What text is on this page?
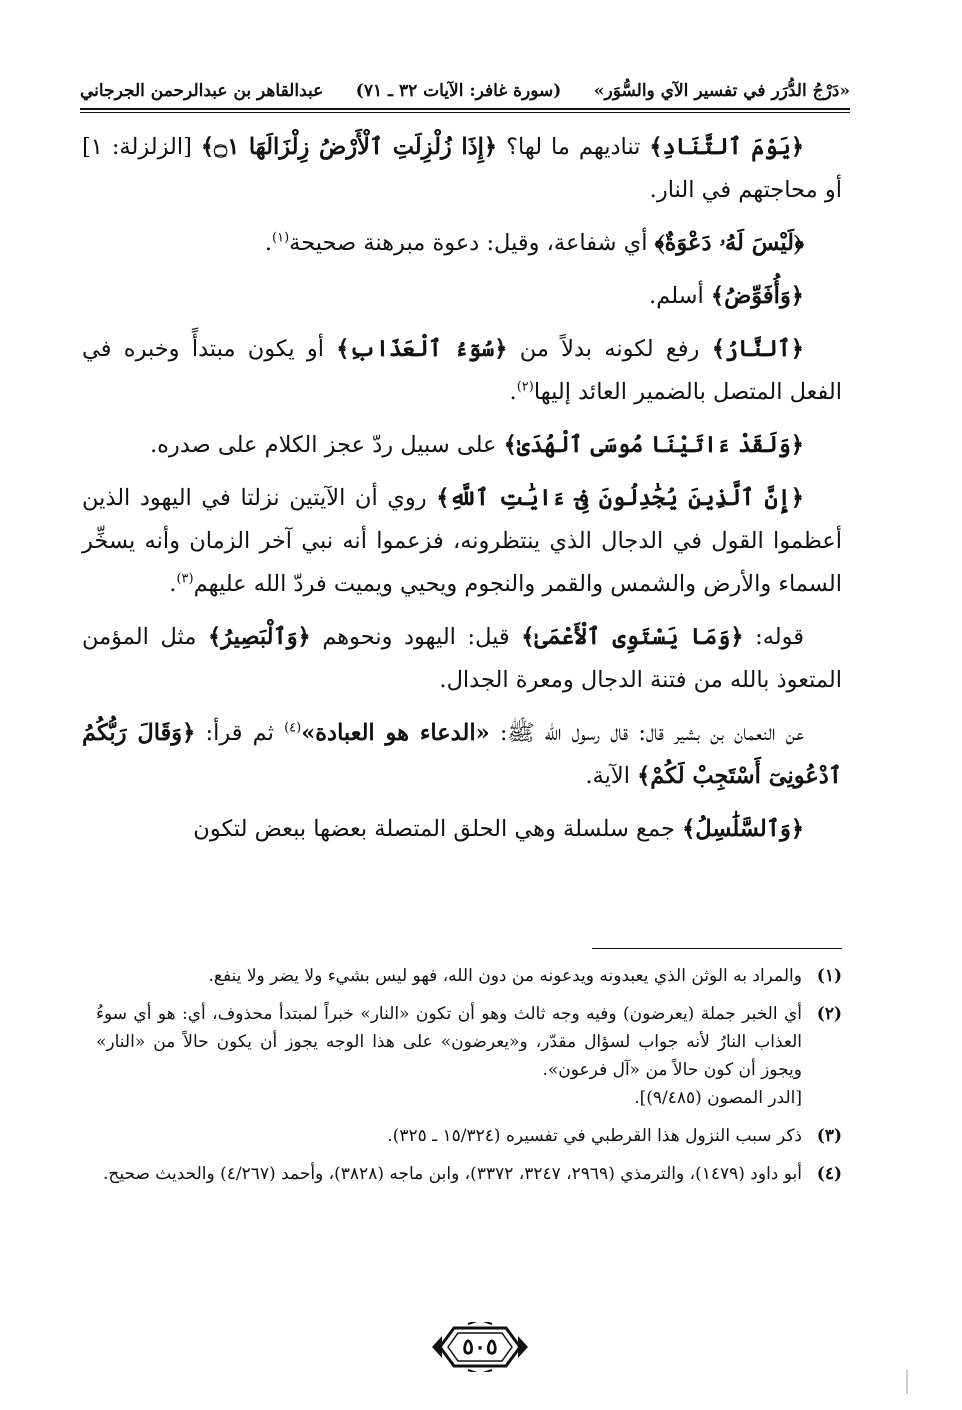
«دَرْجُ الدُّرَر في تفسير الآي والسُّوَر»
(سورة غافر: الآيات ٣٢ ـ ٧١)
عبدالقاهر بن عبدالرحمن الجرجاني

﴿يَوْمَ ٱلتَّنَادِ﴾ تناديهم ما لها؟ ﴿إِذَا زُلْزِلَتِ ٱلْأَرْضُ زِلْزَالَهَا ۝١﴾ [الزلزلة: ١] أو محاجتهم في النار.

﴿لَيْسَ لَهُۥ دَعْوَةٌ﴾ أي شفاعة، وقيل: دعوة مبرهنة صحيحة$^{(١)}$.

﴿وَأُفَوِّضُ﴾ أسلم.

﴿ٱلنَّارُ﴾ رفع لكونه بدلاً من ﴿سُوٓءُ ٱلْعَذَابِ﴾ أو يكون مبتدأً وخبره في الفعل المتصل بالضمير العائد إليها$^{(٢)}$.

﴿وَلَقَدْ ءَاتَيْنَا مُوسَى ٱلْهُدَىٰ﴾ على سبيل ردّ عجز الكلام على صدره.

﴿إِنَّ ٱلَّذِينَ يُجَٰدِلُونَ فِىٓ ءَايَٰتِ ٱللَّهِ﴾ روي أن الآيتين نزلتا في اليهود الذين أعظموا القول في الدجال الذي ينتظرونه، فزعموا أنه نبي آخر الزمان وأنه يسخِّر السماء والأرض والشمس والقمر والنجوم ويحيي ويميت فردّ الله عليهم$^{(٣)}$.

قوله: ﴿وَمَا يَسْتَوِى ٱلْأَعْمَىٰ﴾ قيل: اليهود ونحوهم ﴿وَٱلْبَصِيرُ﴾ مثل المؤمن المتعوذ بالله من فتنة الدجال ومعرة الجدال.

عن النعمان بن بشير قال: قال رسول الله ﷺ: «الدعاء هو العبادة»$^{(٤)}$ ثم قرأ: ﴿وَقَالَ رَبُّكُمُ ٱدْعُونِىٓ أَسْتَجِبْ لَكُمْ﴾ الآية.

﴿وَٱلسَّلَٰسِلُ﴾ جمع سلسلة وهي الحلق المتصلة بعضها ببعض لتكون

(١)
والمراد به الوثن الذي يعبدونه ويدعونه من دون الله، فهو ليس بشيء ولا يضر ولا ينفع.
(٢)
أي الخبر جملة (يعرضون) وفيه وجه ثالث وهو أن تكون «النار» خبراً لمبتدأ محذوف، أي: هو أي سوءُ العذاب النارُ لأنه جواب لسؤال مقدّر، و«يعرضون» على هذا الوجه يجوز أن يكون حالاً من «النار» ويجوز أن كون حالاً من «آل فرعون».
[الدر المصون (٩/٤٨٥)].
(٣)
ذكر سبب النزول هذا القرطبي في تفسيره (١٥/٣٢٤ ـ ٣٢٥).
(٤)
أبو داود (١٤٧٩)، والترمذي (٢٩٦٩، ٣٢٤٧، ٣٣٧٢)، وابن ماجه (٣٨٢٨)، وأحمد (٤/٢٦٧) والحديث صحيح.
٥٠٥
